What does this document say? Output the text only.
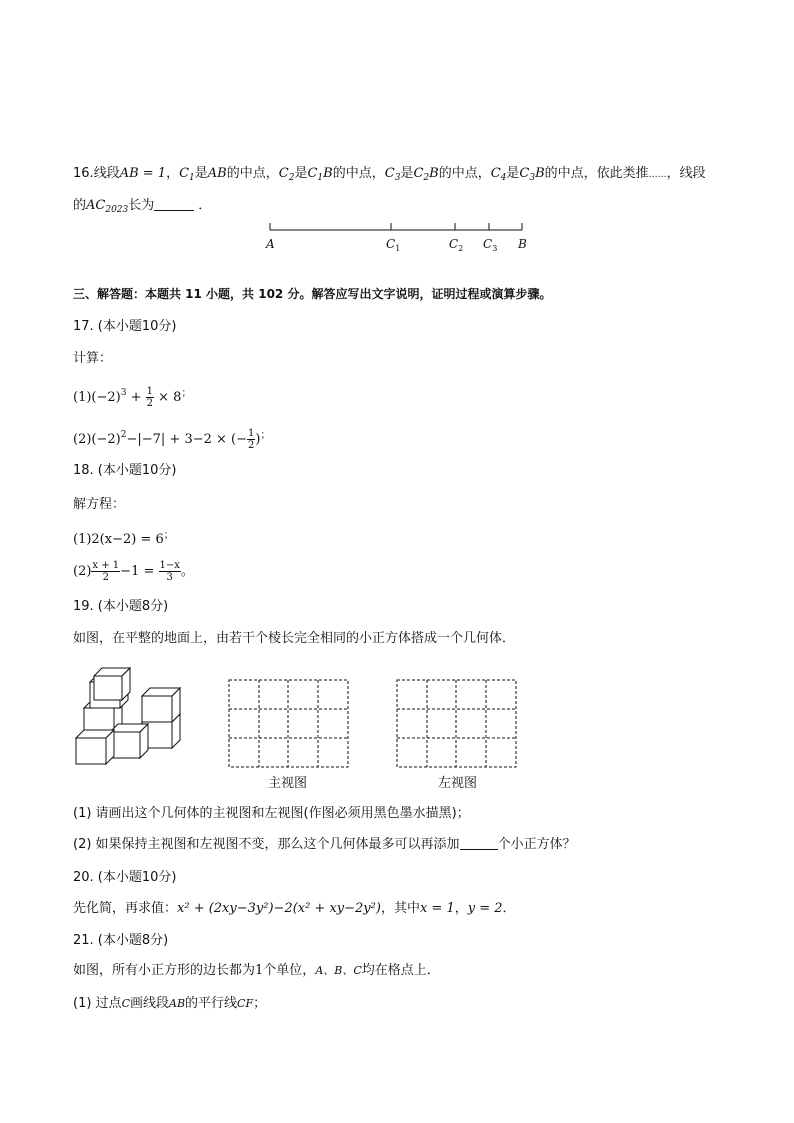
16.线段AB = 1，$C_1$是AB的中点，$C_2$是$C_1B$的中点，$C_3$是$C_2B$的中点，$C_4$是$C_3B$的中点，依此类推……，线段
的$AC_{2023}$长为	．
A	$C_1$	$C_2$ $C_3$ B
三、解答题：本题共 11 小题，共 102 分。解答应写出文字说明，证明过程或演算步骤。
17. (本小题10分)
计算：
$(1)(-2)^3 + \frac{1}{2} \times 8^;$
$(2)(-2)^2-|-7| + 3-2$ × (− $\frac{1}{2} )^;$
18. (本小题10分)
解方程：
(1)2(x−2) = 6；
$(2) \frac{x + 1}{2} -1 = \frac{1-x}{3}$ 。
19. (本小题8分)
如图，在平整的地面上，由若干个棱长完全相同的小正方体搭成一个几何体．
主视图	左视图
(1) 请画出这个几何体的主视图和左视图(作图必须用黑色墨水描黑)；
(2) 如果保持主视图和左视图不变，那么这个几何体最多可以再添加	个小正方体？
20. (本小题10分)
先化简，再求值：x² + (2xy−3y²)−2(x² + xy−2y²)，其中x = 1，y = 2．
21. (本小题8分)
如图，所有小正方形的边长都为1个单位，A、B、C均在格点上．
(1) 过点C画线段AB的平行线CF；
